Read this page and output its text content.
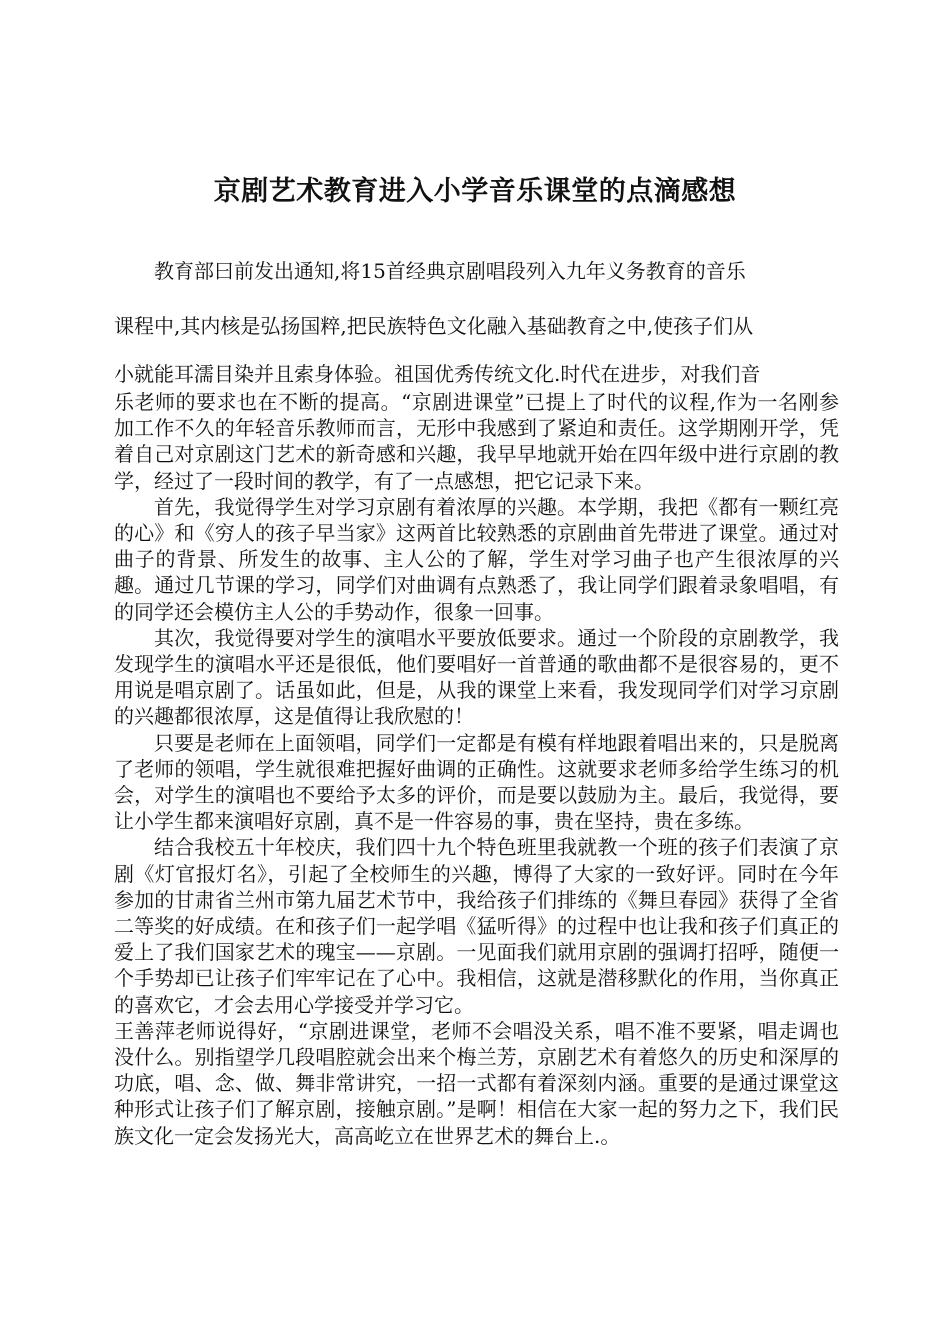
京剧艺术教育进入小学音乐课堂的点滴感想

教育部曰前发出通知,将15首经典京剧唱段列入九年义务教育的音乐

课程中,其内核是弘扬国粹,把民族特色文化融入基础教育之中,使孩子们从

小就能耳濡目染并且索身体验。祖国优秀传统文化.时代在进步，对我们音

乐老师的要求也在不断的提高。“京剧进课堂”已提上了时代的议程,作为一名刚参加工作不久的年轻音乐教师而言，无形中我感到了紧迫和责任。这学期刚开学，凭着自己对京剧这门艺术的新奇感和兴趣，我早早地就开始在四年级中进行京剧的教学，经过了一段时间的教学，有了一点感想，把它记录下来。

首先，我觉得学生对学习京剧有着浓厚的兴趣。本学期，我把《都有一颗红亮的心》和《穷人的孩子早当家》这两首比较熟悉的京剧曲首先带进了课堂。通过对曲子的背景、所发生的故事、主人公的了解，学生对学习曲子也产生很浓厚的兴趣。通过几节课的学习，同学们对曲调有点熟悉了，我让同学们跟着录象唱唱，有的同学还会模仿主人公的手势动作，很象一回事。

其次，我觉得要对学生的演唱水平要放低要求。通过一个阶段的京剧教学，我发现学生的演唱水平还是很低，他们要唱好一首普通的歌曲都不是很容易的，更不用说是唱京剧了。话虽如此，但是，从我的课堂上来看，我发现同学们对学习京剧的兴趣都很浓厚，这是值得让我欣慰的！

只要是老师在上面领唱，同学们一定都是有模有样地跟着唱出来的，只是脱离了老师的领唱，学生就很难把握好曲调的正确性。这就要求老师多给学生练习的机会，对学生的演唱也不要给予太多的评价，而是要以鼓励为主。最后，我觉得，要让小学生都来演唱好京剧，真不是一件容易的事，贵在坚持，贵在多练。

结合我校五十年校庆，我们四十九个特色班里我就教一个班的孩子们表演了京剧《灯官报灯名》，引起了全校师生的兴趣，博得了大家的一致好评。同时在今年参加的甘肃省兰州市第九届艺术节中，我给孩子们排练的《舞旦春园》获得了全省二等奖的好成绩。在和孩子们一起学唱《猛听得》的过程中也让我和孩子们真正的爱上了我们国家艺术的瑰宝——京剧。一见面我们就用京剧的强调打招呼，随便一个手势却已让孩子们牢牢记在了心中。我相信，这就是潜移默化的作用，当你真正的喜欢它，才会去用心学接受并学习它。

王善萍老师说得好，“京剧进课堂，老师不会唱没关系，唱不准不要紧，唱走调也没什么。别指望学几段唱腔就会出来个梅兰芳，京剧艺术有着悠久的历史和深厚的功底，唱、念、做、舞非常讲究，一招一式都有着深刻内涵。重要的是通过课堂这种形式让孩子们了解京剧，接触京剧。”是啊！相信在大家一起的努力之下，我们民族文化一定会发扬光大，高高屹立在世界艺术的舞台上.。
